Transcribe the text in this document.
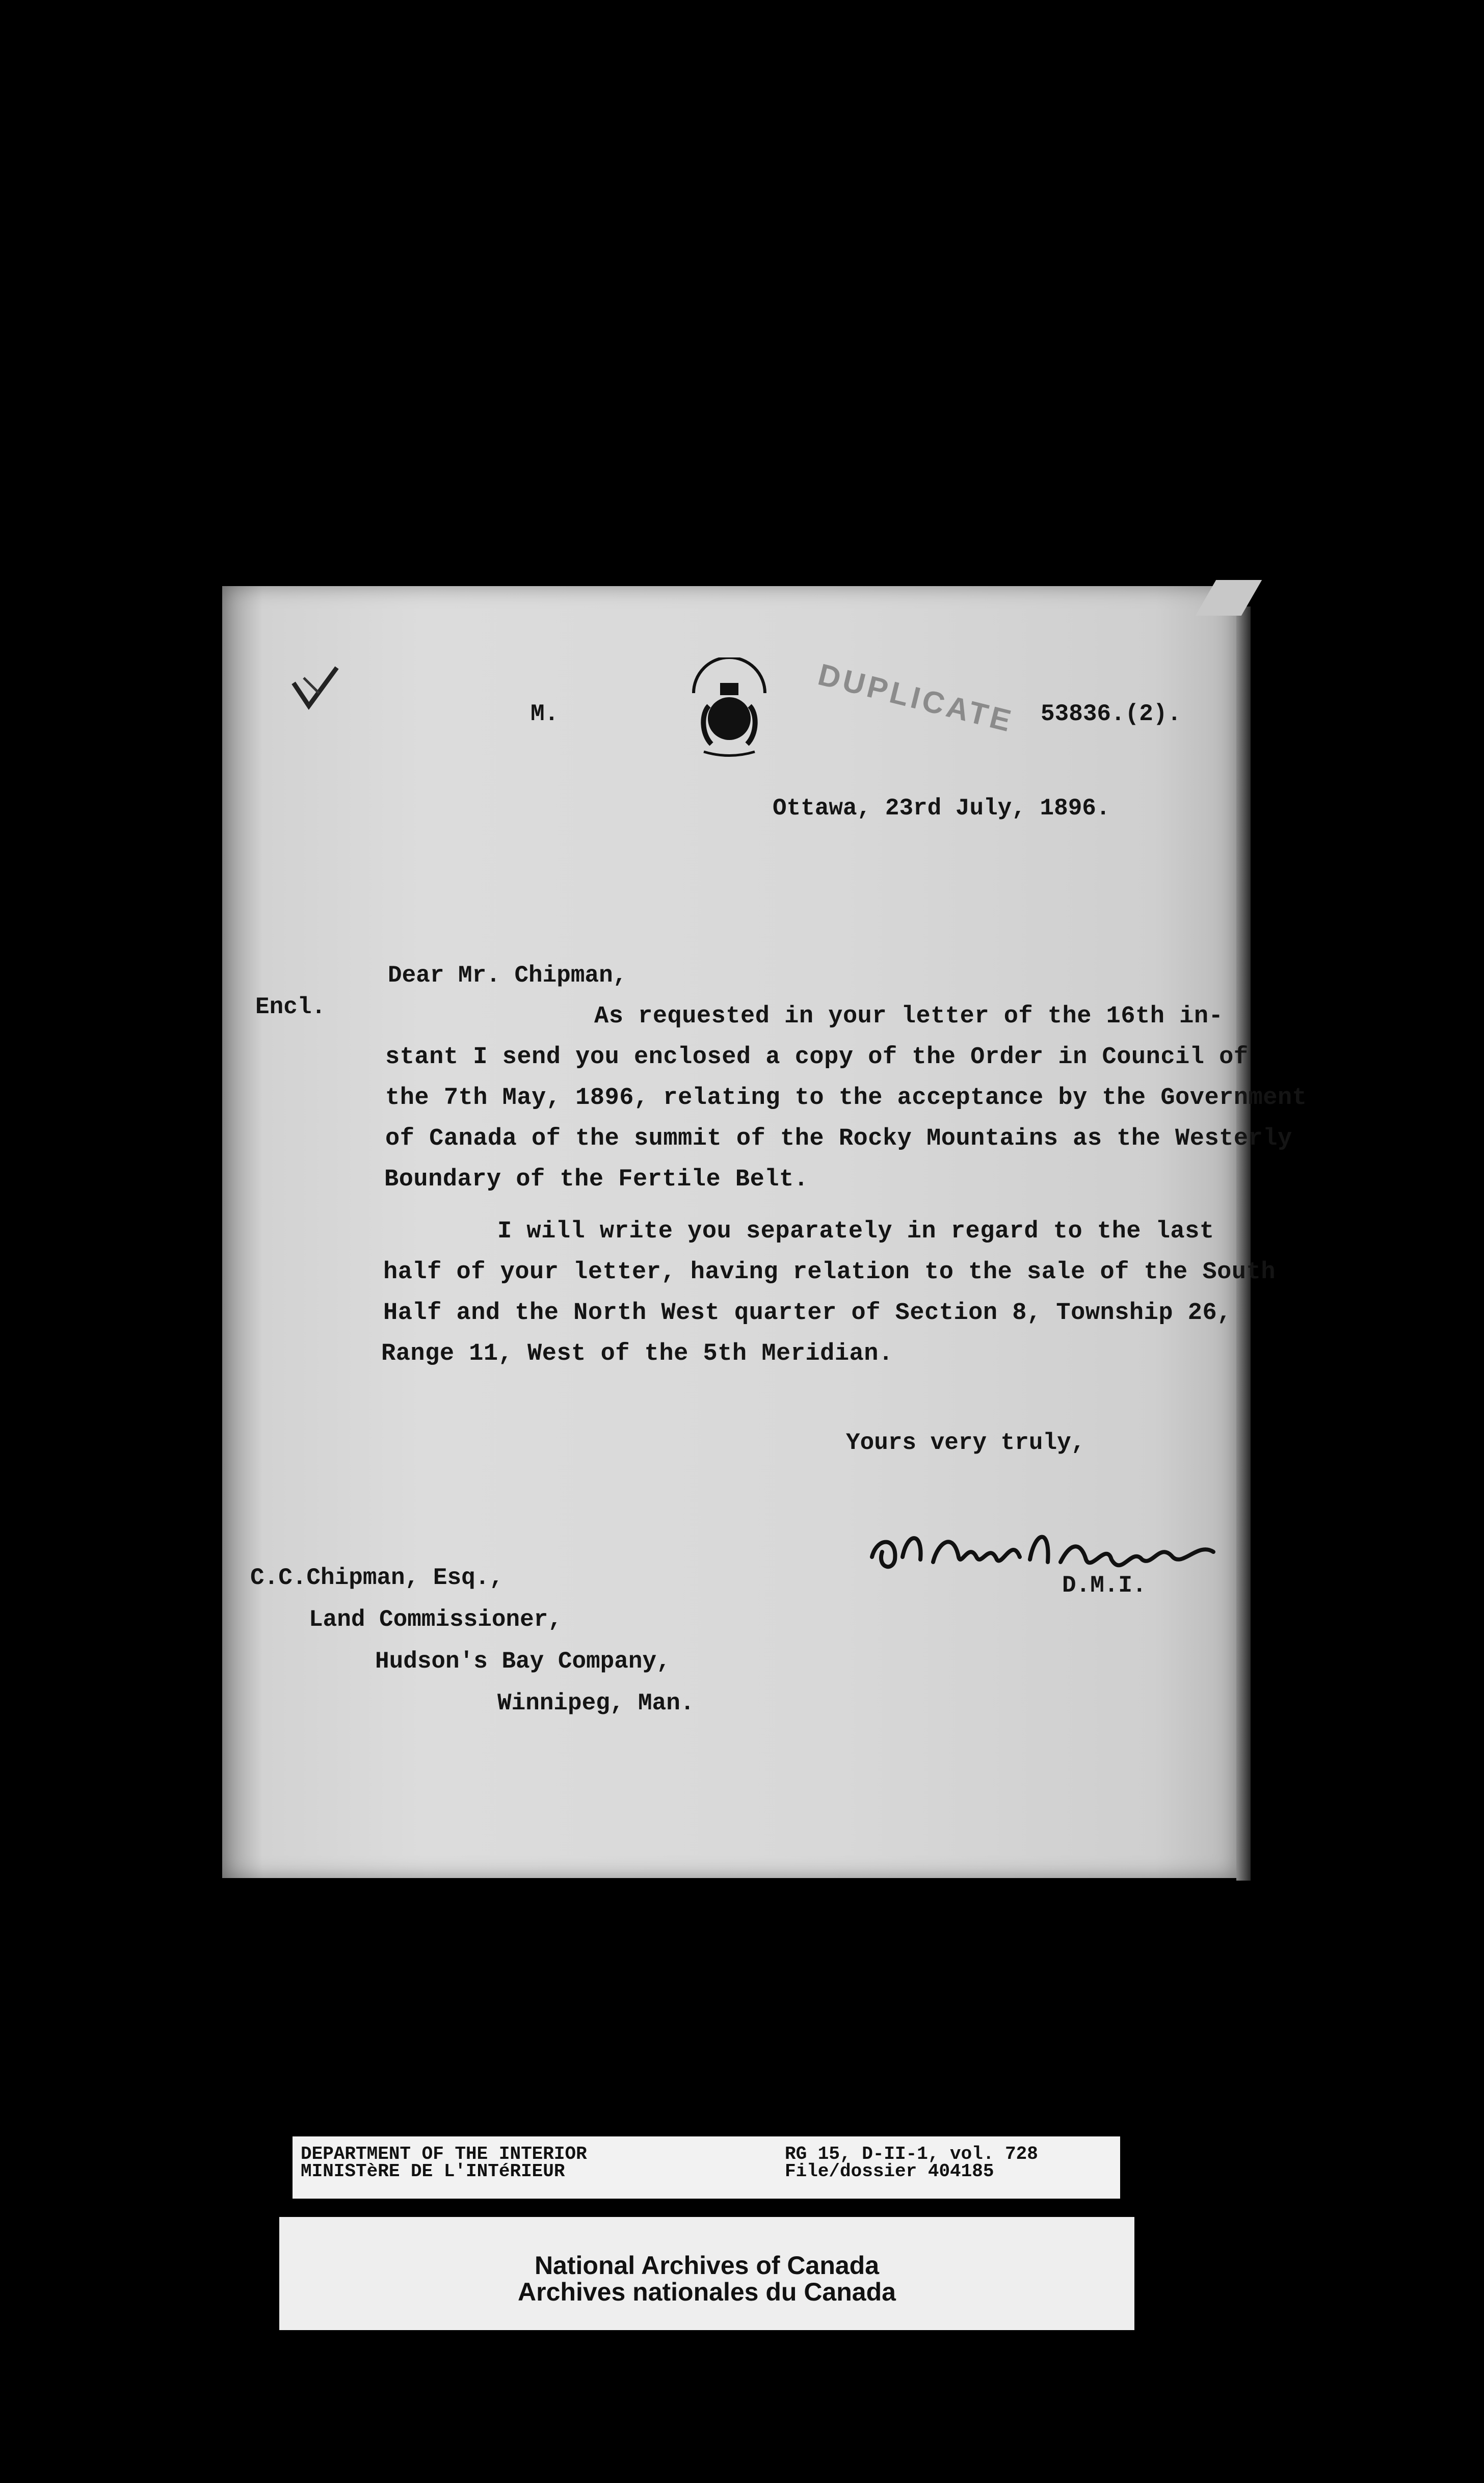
M.	DUPLICATE 53836.(2).
Ottawa, 23rd July, 1896.
Encl.
Dear Mr. Chipman,
As requested in your letter of the 16th in-
stant I send you enclosed a copy of the Order in Council of
the 7th May, 1896, relating to the acceptance by the Government
of Canada of the summit of the Rocky Mountains as the Westerly
Boundary of the Fertile Belt.
I will write you separately in regard to the last
half of your letter, having relation to the sale of the South
Half and the North West quarter of Section 8, Township 26,
Range 11, West of the 5th Meridian.
Yours very truly,
D.M.I.
C.C.Chipman, Esq.,
Land Commissioner,
Hudson's Bay Company,
Winnipeg, Man.
DEPARTMENT OF THE INTERIOR
MINISTèRE DE L'INTéRIEUR
RG 15, D-II-1, vol. 728
File/dossier 404185
National Archives of Canada
Archives nationales du Canada
